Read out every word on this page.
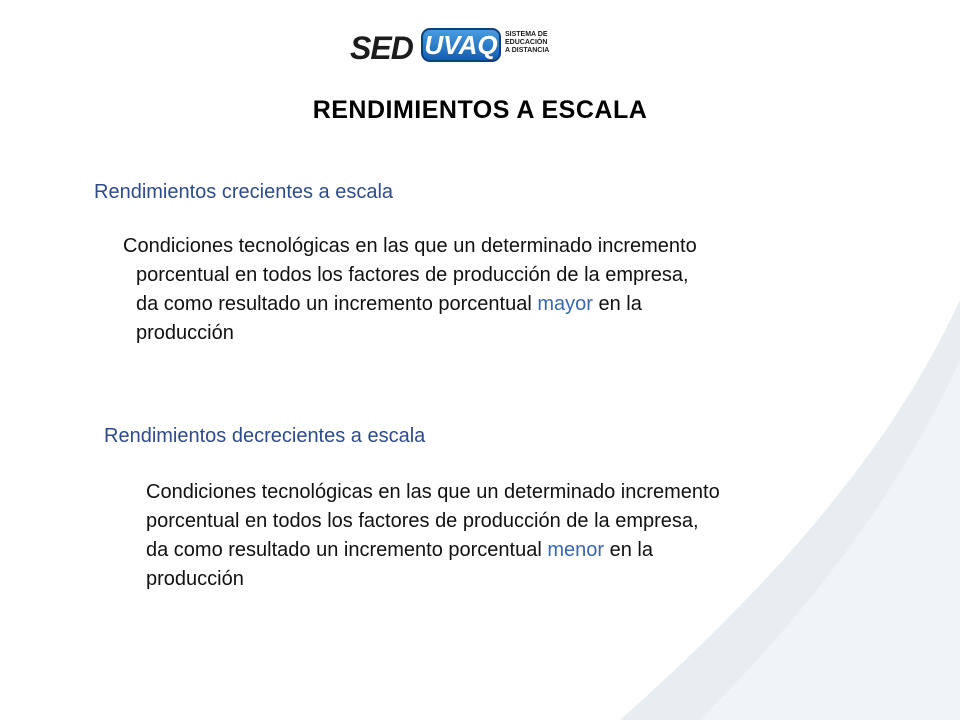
SED UVAQ SISTEMA DE
EDUCACIÓN
A DISTANCIA
RENDIMIENTOS A ESCALA
Rendimientos crecientes a escala

Condiciones tecnológicas en las que un determinado incremento
porcentual en todos los factores de producción de la empresa,
da como resultado un incremento porcentual mayor en la
producción

Rendimientos decrecientes a escala

Condiciones tecnológicas en las que un determinado incremento
porcentual en todos los factores de producción de la empresa,
da como resultado un incremento porcentual menor en la
producción
